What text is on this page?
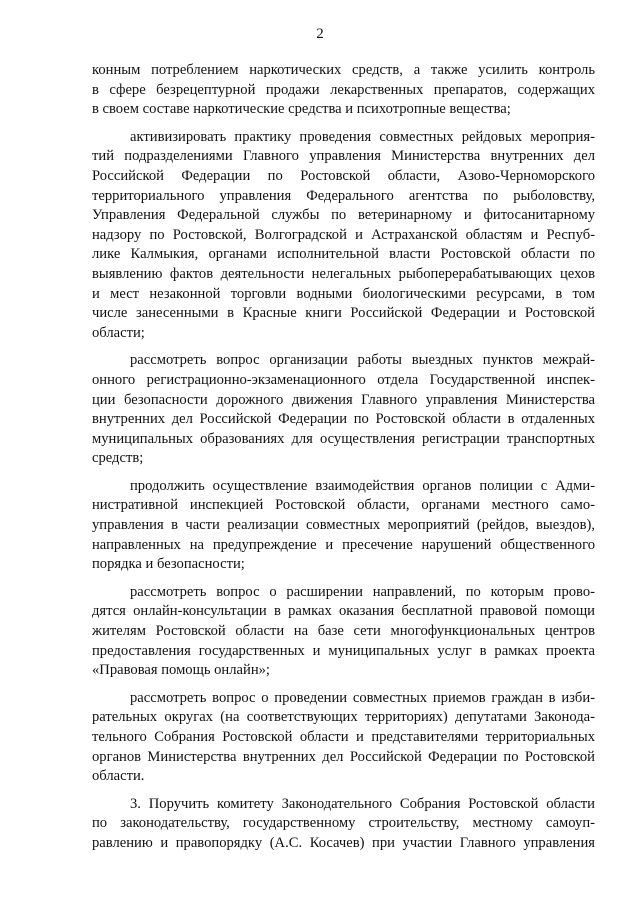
2

конным потреблением наркотических средств, а также усилить контроль
в сфере безрецептурной продажи лекарственных препаратов, содержащих
в своем составе наркотические средства и психотропные вещества;

активизировать практику проведения совместных рейдовых мероприя-
тий подразделениями Главного управления Министерства внутренних дел
Российской Федерации по Ростовской области, Азово-Черноморского
территориального управления Федерального агентства по рыболовству,
Управления Федеральной службы по ветеринарному и фитосанитарному
надзору по Ростовской, Волгоградской и Астраханской областям и Респуб-
лике Калмыкия, органами исполнительной власти Ростовской области по
выявлению фактов деятельности нелегальных рыбоперерабатывающих цехов
и мест незаконной торговли водными биологическими ресурсами, в том
числе занесенными в Красные книги Российской Федерации и Ростовской
области;

рассмотреть вопрос организации работы выездных пунктов межрай-
онного регистрационно-экзаменационного отдела Государственной инспек-
ции безопасности дорожного движения Главного управления Министерства
внутренних дел Российской Федерации по Ростовской области в отдаленных
муниципальных образованиях для осуществления регистрации транспортных
средств;

продолжить осуществление взаимодействия органов полиции с Адми-
нистративной инспекцией Ростовской области, органами местного само-
управления в части реализации совместных мероприятий (рейдов, выездов),
направленных на предупреждение и пресечение нарушений общественного
порядка и безопасности;

рассмотреть вопрос о расширении направлений, по которым прово-
дятся онлайн-консультации в рамках оказания бесплатной правовой помощи
жителям Ростовской области на базе сети многофункциональных центров
предоставления государственных и муниципальных услуг в рамках проекта
«Правовая помощь онлайн»;

рассмотреть вопрос о проведении совместных приемов граждан в изби-
рательных округах (на соответствующих территориях) депутатами Законода-
тельного Собрания Ростовской области и представителями территориальных
органов Министерства внутренних дел Российской Федерации по Ростовской
области.

3. Поручить комитету Законодательного Собрания Ростовской области
по законодательству, государственному строительству, местному самоуп-
равлению и правопорядку (А.С. Косачев) при участии Главного управления
